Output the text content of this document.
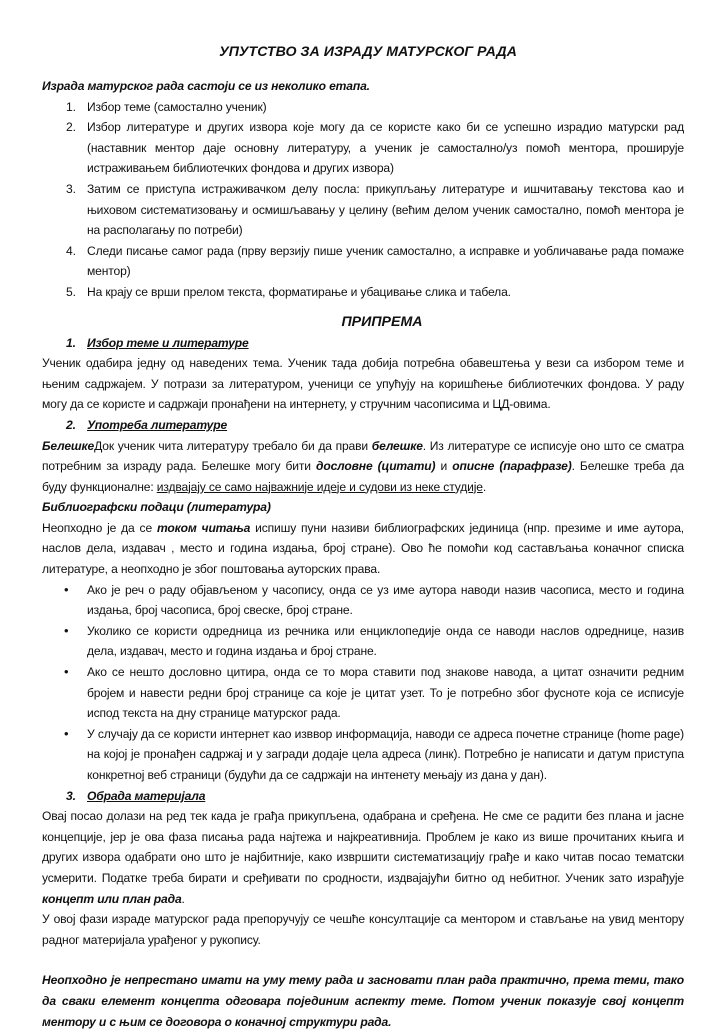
УПУТСТВО ЗА ИЗРАДУ МАТУРСКОГ РАДА

Израда матурског рада састоји се из неколико етапа.

1. Избор теме (самостално ученик)
2. Избор литературе и других извора које могу да се користе како би се успешно израдио матурски рад (наставник ментор даје основну литературу, а ученик је самостално/уз помоћ ментора, проширује истраживањем библиотечких фондова и других извора)
3. Затим се приступа истраживачком делу посла: прикупљању литературе и ишчитавању текстова као и њиховом систематизовању и осмишљавању у целину (већим делом ученик самостално, помоћ ментора је на располагању по потреби)
4. Следи писање самог рада (прву верзију пише ученик самостално, а исправке и уобличавање рада помаже ментор)
5. На крају се врши прелом текста, форматирање и убацивање слика и табела.
ПРИПРЕМА
1. Избор теме и литературе

Ученик одабира једну од наведених тема. Ученик тада добија потребна обавештења у вези са избором теме и њеним садржајем. У потрази за литературом, ученици се упућују на коришћење библиотечких фондова. У раду могу да се користе и садржаји пронађени на интернету, у стручним часописима и ЦД-овима.

2. Употреба литературе

БелешкеДок ученик чита литературу требало би да прави белешке. Из литературе се исписује оно што се сматра потребним за израду рада. Белешке могу бити дословне (цитати) и описне (парафразе). Белешке треба да буду функционалне: издвајају се само најважније идеје и судови из неке студије.

Библиографски подаци (литература)

Неопходно је да се током читања испишу пуни називи библиографских јединица (нпр. презиме и име аутора, наслов дела, издавач , место и година издања, број стране). Ово ће помоћи код састављања коначног списка литературе, а неопходно је због поштовања ауторских права.

• Ако је реч о раду објављеном у часопису, онда се уз име аутора наводи назив часописа, место и година издања, број часописа, број свеске, број стране.
• Уколико се користи одредница из речника или енциклопедије онда се наводи наслов одреднице, назив дела, издавач, место и година издања и број стране.
• Ако се нешто дословно цитира, онда се то мора ставити под знакове навода, а цитат означити редним бројем и навести редни број странице са које је цитат узет. То је потребно због фусноте која се исписује испод текста на дну странице матурског рада.
• У случају да се користи интернет као изввор информација, наводи се адреса почетне странице (home page) на којој је пронађен садржај и у загради додаје цела адреса (линк). Потребно је написати и датум приступа конкретној веб страници (будући да се садржаји на интенету мењају из дана у дан).
3. Обрада материјала

Овај посао долази на ред тек када је грађа прикупљена, одабрана и сређена. Не сме се радити без плана и јасне концепције, јер је ова фаза писања рада најтежа и најкреативнија. Проблем је како из више прочитаних књига и других извора одабрати оно што је најбитније, како извршити систематизацију грађе и како читав посао тематски усмерити. Податке треба бирати и сређивати по сродности, издвајајући битно од небитног. Ученик зато израђује концепт или план рада.

У овој фази израде матурског рада препоручују се чешће консултације са ментором и стављање на увид ментору радног материјала урађеног у рукопису.

Неопходно је непрестано имати на уму тему рада и засновати план рада практично, према теми, тако да сваки елемент концепта одговара појединим аспекту теме. Потом ученик показује свој концепт ментору и с њим се договора о коначној структури рада.
